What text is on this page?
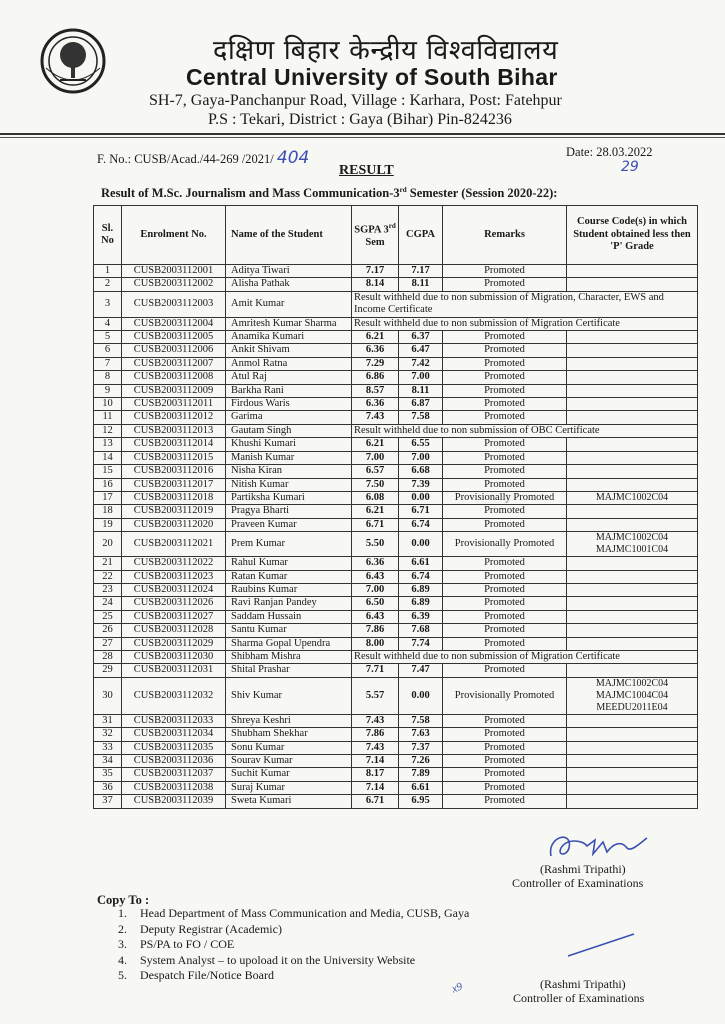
दक्षिण बिहार केन्द्रीय विश्वविद्यालय
Central University of South Bihar
SH-7, Gaya-Panchanpur Road, Village : Karhara, Post: Fatehpur
P.S : Tekari, District : Gaya (Bihar) Pin-824236
F. No.: CUSB/Acad./44-269 /2021/ 404	Date: 28.03.2022
29
RESULT
Result of M.Sc. Journalism and Mass Communication-3rd Semester (Session 2020-22):
Sl. No	Enrolment No.	Name of the Student	SGPA 3rd Sem	CGPA	Remarks	Course Code(s) in which Student obtained less then 'P' Grade
1	CUSB2003112001	Aditya Tiwari	7.17	7.17	Promoted	
2	CUSB2003112002	Alisha Pathak	8.14	8.11	Promoted	
3	CUSB2003112003	Amit Kumar	Result withheld due to non submission of Migration, Character, EWS and Income Certificate			
4	CUSB2003112004	Amritesh Kumar Sharma	Result withheld due to non submission of Migration Certificate			
5	CUSB2003112005	Anamika Kumari	6.21	6.37	Promoted	
6	CUSB2003112006	Ankit Shivam	6.36	6.47	Promoted	
7	CUSB2003112007	Anmol Ratna	7.29	7.42	Promoted	
8	CUSB2003112008	Atul Raj	6.86	7.00	Promoted	
9	CUSB2003112009	Barkha Rani	8.57	8.11	Promoted	
10	CUSB2003112011	Firdous Waris	6.36	6.87	Promoted	
11	CUSB2003112012	Garima	7.43	7.58	Promoted	
12	CUSB2003112013	Gautam Singh	Result withheld due to non submission of OBC Certificate			
13	CUSB2003112014	Khushi Kumari	6.21	6.55	Promoted	
14	CUSB2003112015	Manish Kumar	7.00	7.00	Promoted	
15	CUSB2003112016	Nisha Kiran	6.57	6.68	Promoted	
16	CUSB2003112017	Nitish Kumar	7.50	7.39	Promoted	
17	CUSB2003112018	Partiksha Kumari	6.08	0.00	Provisionally Promoted	MAJMC1002C04

18	CUSB2003112019	Pragya Bharti	6.21	6.71	Promoted	
19	CUSB2003112020	Praveen Kumar	6.71	6.74	Promoted	
20	CUSB2003112021	Prem Kumar	5.50	0.00	Provisionally Promoted	MAJMC1002C04
MAJMC1001C04

21	CUSB2003112022	Rahul Kumar	6.36	6.61	Promoted	
22	CUSB2003112023	Ratan Kumar	6.43	6.74	Promoted	
23	CUSB2003112024	Raubins Kumar	7.00	6.89	Promoted	
24	CUSB2003112026	Ravi Ranjan Pandey	6.50	6.89	Promoted	
25	CUSB2003112027	Saddam Hussain	6.43	6.39	Promoted	
26	CUSB2003112028	Santu Kumar	7.86	7.68	Promoted	
27	CUSB2003112029	Sharma Gopal Upendra	8.00	7.74	Promoted	
28	CUSB2003112030	Shibham Mishra	Result withheld due to non submission of Migration Certificate			
29	CUSB2003112031	Shital Prashar	7.71	7.47	Promoted	
30	CUSB2003112032	Shiv Kumar	5.57	0.00	Provisionally Promoted	MAJMC1002C04
MAJMC1004C04
MEEDU2011E04

31	CUSB2003112033	Shreya Keshri	7.43	7.58	Promoted	
32	CUSB2003112034	Shubham Shekhar	7.86	7.63	Promoted	
33	CUSB2003112035	Sonu Kumar	7.43	7.37	Promoted	
34	CUSB2003112036	Sourav Kumar	7.14	7.26	Promoted	
35	CUSB2003112037	Suchit Kumar	8.17	7.89	Promoted	
36	CUSB2003112038	Suraj Kumar	7.14	6.61	Promoted	
37	CUSB2003112039	Sweta Kumari	6.71	6.95	Promoted	
(Rashmi Tripathi)
Controller of Examinations
Copy To :
1. Head Department of Mass Communication and Media, CUSB, Gaya
2. Deputy Registrar (Academic)
3. PS/PA to FO / COE
4. System Analyst – to upoload it on the University Website
5. Despatch File/Notice Board
x9	(Rashmi Tripathi)
Controller of Examinations
